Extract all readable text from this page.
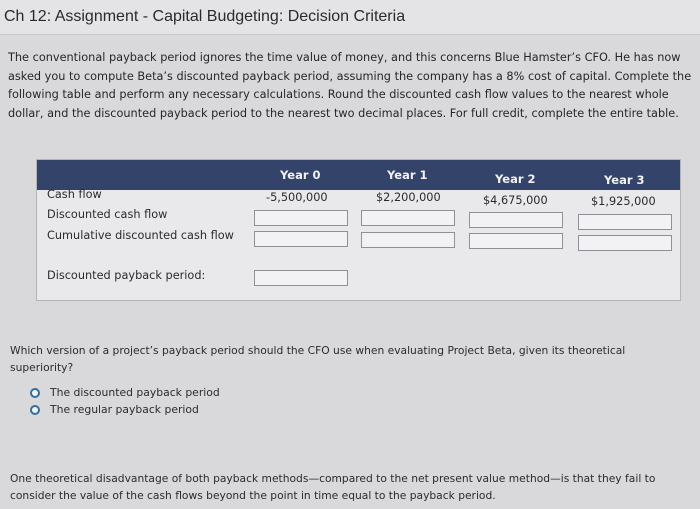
Ch 12: Assignment - Capital Budgeting: Decision Criteria

The conventional payback period ignores the time value of money, and this concerns Blue Hamster’s CFO. He has now asked you to compute Beta’s discounted payback period, assuming the company has a 8% cost of capital. Complete the following table and perform any necessary calculations. Round the discounted cash flow values to the nearest whole dollar, and the discounted payback period to the nearest two decimal places. For full credit, complete the entire table.

Year 0	Year 1	Year 2	Year 3
Cash flow	-5,500,000	$2,200,000	$4,675,000	$1,925,000
Discounted cash flow
Cumulative discounted cash flow
Discounted payback period:

Which version of a project’s payback period should the CFO use when evaluating Project Beta, given its theoretical superiority?

The discounted payback period
The regular payback period

One theoretical disadvantage of both payback methods—compared to the net present value method—is that they fail to consider the value of the cash flows beyond the point in time equal to the payback period.
